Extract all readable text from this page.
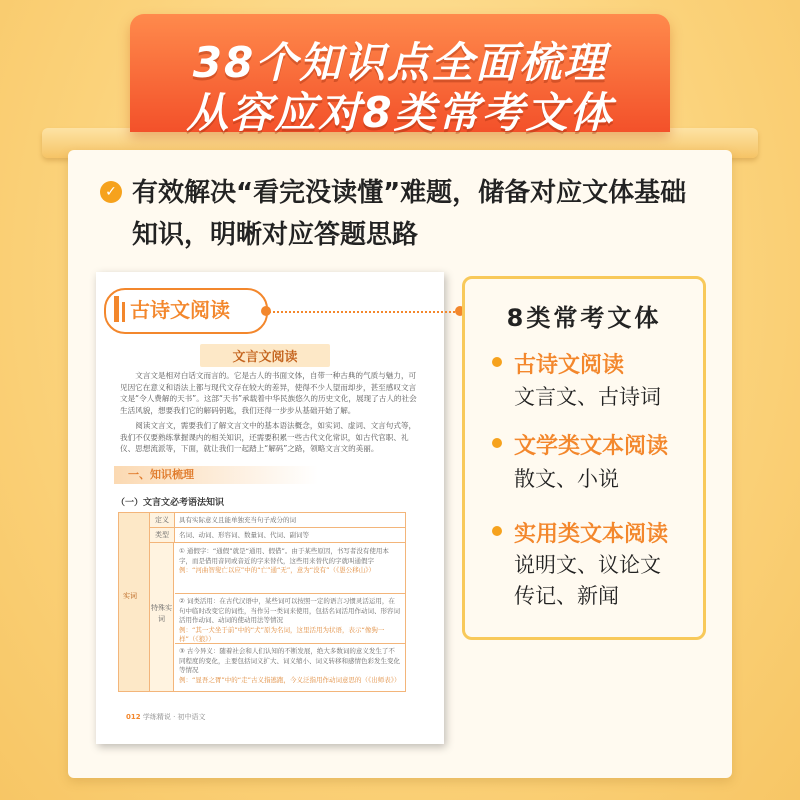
38个知识点全面梳理
从容应对8类常考文体
✓ 有效解决“看完没读懂”难题，储备对应文体基础知识，明晰对应答题思路
古诗文阅读
文言文阅读
文言文是相对白话文而言的。它是古人的书面文体，自带一种古典的气质与魅力，可见因它在意义和语法上都与现代文存在较大的差异，使得不少人望而却步，甚至感叹文言文是“令人费解的天书”。这部“天书”承载着中华民族悠久的历史文化，展现了古人的社会生活风貌，想要我们它的解码钥匙，我们还得一步步从基础开始了解。
阅读文言文，需要我们了解文言文中的基本语法概念，如实词、虚词、文言句式等，我们不仅要熟练掌握课内的相关知识，还需要积累一些古代文化常识，如古代官职、礼仪、思想流派等，下面，就让我们一起踏上“解码”之路，领略文言文的美丽。
一、知识梳理
（一）文言文必考语法知识
实词
定义	具有实际意义且能单独充当句子成分的词
类型	名词、动词、形容词、数量词、代词、副词等
特殊实词
① 通假字：“通假”就是“通用、假借”。由于某些原因，书写者没有使用本字，而是借用音同或音近的字来替代，这些用来替代的字就叫通假字
例：“河曲智叟亡以应”中的“亡”通“无”，意为“没有”（《愚公移山》）
② 词类活用：在古代汉语中，某些词可以按照一定的语言习惯灵活运用，在句中临时改变它的词性，当作另一类词来使用，包括名词活用作动词、形容词活用作动词、动词的使动用法等情况
例：“其一犬坐于前”中的“犬”原为名词，这里活用为状语，表示“像狗一样”（《狼》）
③ 古今异义：随着社会和人们认知的不断发展，绝大多数词的意义发生了不同程度的变化，主要包括词义扩大、词义缩小、词义转移和感情色彩发生变化等情况
例：“显吾之胥”中的“走”古义指逃跑，今义泛指用作动词意思的（《出师表》）
012 学练精说 · 初中语文
8类常考文体
古诗文阅读
文言文、古诗词
文学类文本阅读
散文、小说
实用类文本阅读
说明文、议论文
传记、新闻
